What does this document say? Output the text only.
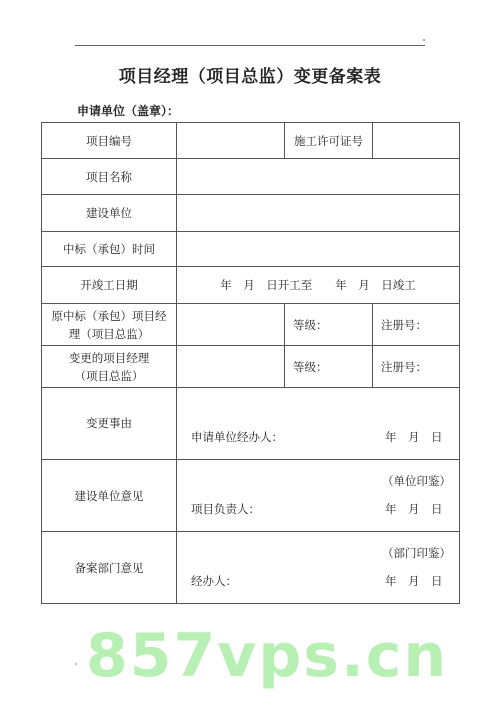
项目经理（项目总监）变更备案表
申请单位（盖章）：
项目编号		施工许可证号	
项目名称			
建设单位			
中标（承包）时间			
开竣工日期	年　月　日开工至　　年　月　日竣工		

原中标（承包）项目经
理（项目总监）		等级：	注册号：

变更的项目经理
（项目总监）		等级：	注册号：
变更事由	申请单位经办人： 年　月　日		

建设单位意见	（单位印鉴）
项目负责人： 年　月　日		

备案部门意见	（部门印鉴）
经办人： 年　月　日		
857vps.cn
